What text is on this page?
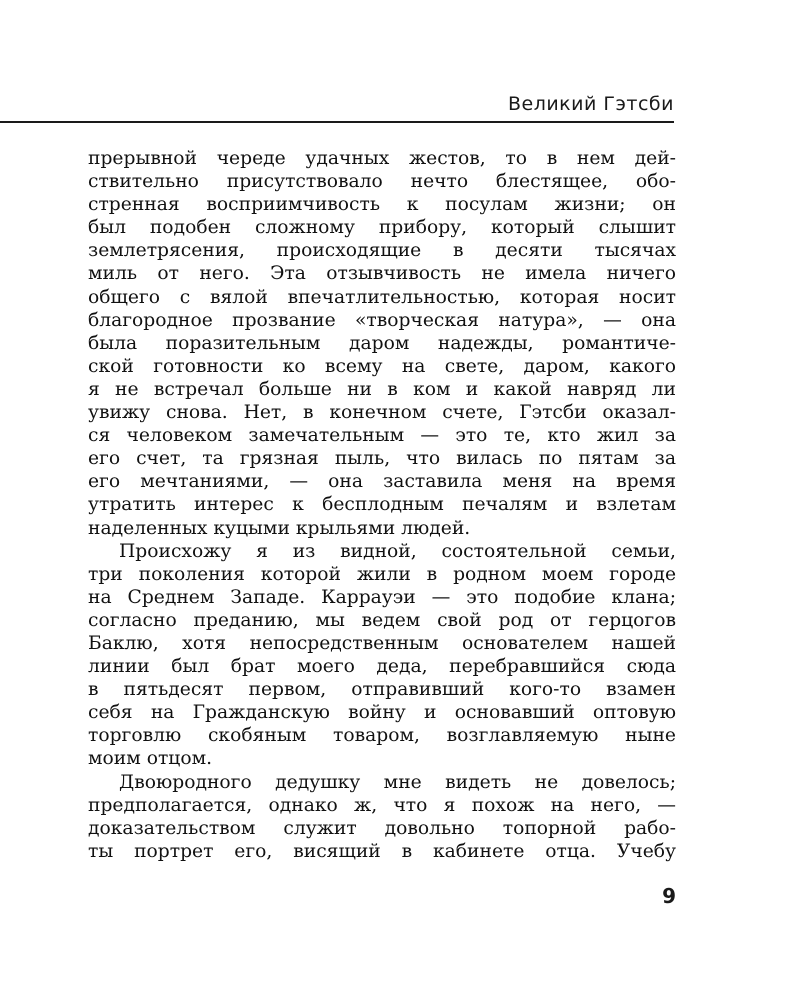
Великий Гэтсби
прерывной череде удачных жестов, то в нем дей-
ствительно присутствовало нечто блестящее, обо-
стренная восприимчивость к посулам жизни; он
был подобен сложному прибору, который слышит
землетрясения, происходящие в десяти тысячах
миль от него. Эта отзывчивость не имела ничего
общего с вялой впечатлительностью, которая носит
благородное прозвание «творческая натура», — она
была поразительным даром надежды, романтиче-
ской готовности ко всему на свете, даром, какого
я не встречал больше ни в ком и какой навряд ли
увижу снова. Нет, в конечном счете, Гэтсби оказал-
ся человеком замечательным — это те, кто жил за
его счет, та грязная пыль, что вилась по пятам за
его мечтаниями, — она заставила меня на время
утратить интерес к бесплодным печалям и взлетам
наделенных куцыми крыльями людей.
Происхожу я из видной, состоятельной семьи,
три поколения которой жили в родном моем городе
на Среднем Западе. Каррауэи — это подобие клана;
согласно преданию, мы ведем свой род от герцогов
Баклю, хотя непосредственным основателем нашей
линии был брат моего деда, перебравшийся сюда
в пятьдесят первом, отправивший кого-то взамен
себя на Гражданскую войну и основавший оптовую
торговлю скобяным товаром, возглавляемую ныне
моим отцом.
Двоюродного дедушку мне видеть не довелось;
предполагается, однако ж, что я похож на него, —
доказательством служит довольно топорной рабо-
ты портрет его, висящий в кабинете отца. Учебу
9
